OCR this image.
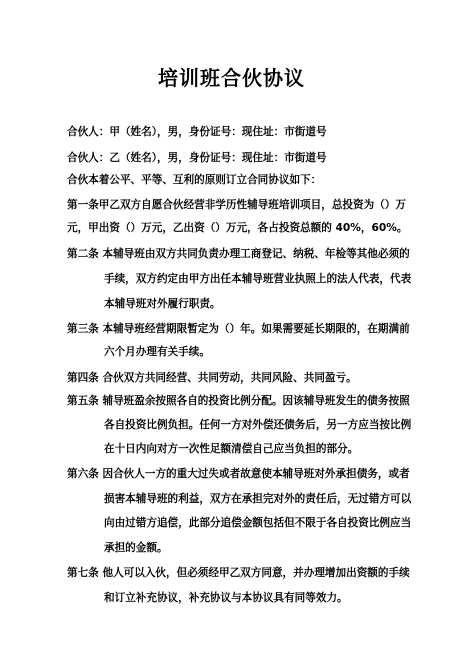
培训班合伙协议
合伙人：甲（姓名），男，身份证号：现住址：市街道号
合伙人：乙（姓名），男，身份证号：现住址：市街道号
合伙本着公平、平等、互利的原则订立合同协议如下：
第一条甲乙双方自愿合伙经营非学历性辅导班培训项目，总投资为（）万
元，甲出资（）万元，乙出资（）万元，各占投资总额的 40%，60%。
第二条 本辅导班由双方共同负责办理工商登记、纳税、年检等其他必须的
手续，双方约定由甲方出任本辅导班营业执照上的法人代表，代表
本辅导班对外履行职责。
第三条 本辅导班经营期限暂定为（）年。如果需要延长期限的，在期满前
六个月办理有关手续。
第四条 合伙双方共同经营、共同劳动，共同风险、共同盈亏。
第五条 辅导班盈余按照各自的投资比例分配。因该辅导班发生的债务按照
各自投资比例负担。任何一方对外偿还债务后，另一方应当按比例
在十日内向对方一次性足额清偿自己应当负担的部分。
第六条 因合伙人一方的重大过失或者故意使本辅导班对外承担债务，或者
损害本辅导班的利益，双方在承担完对外的责任后，无过错方可以
向由过错方追偿，此部分追偿金额包括但不限于各自投资比例应当
承担的金额。
第七条 他人可以入伙，但必须经甲乙双方同意，并办理增加出资额的手续
和订立补充协议，补充协议与本协议具有同等效力。
